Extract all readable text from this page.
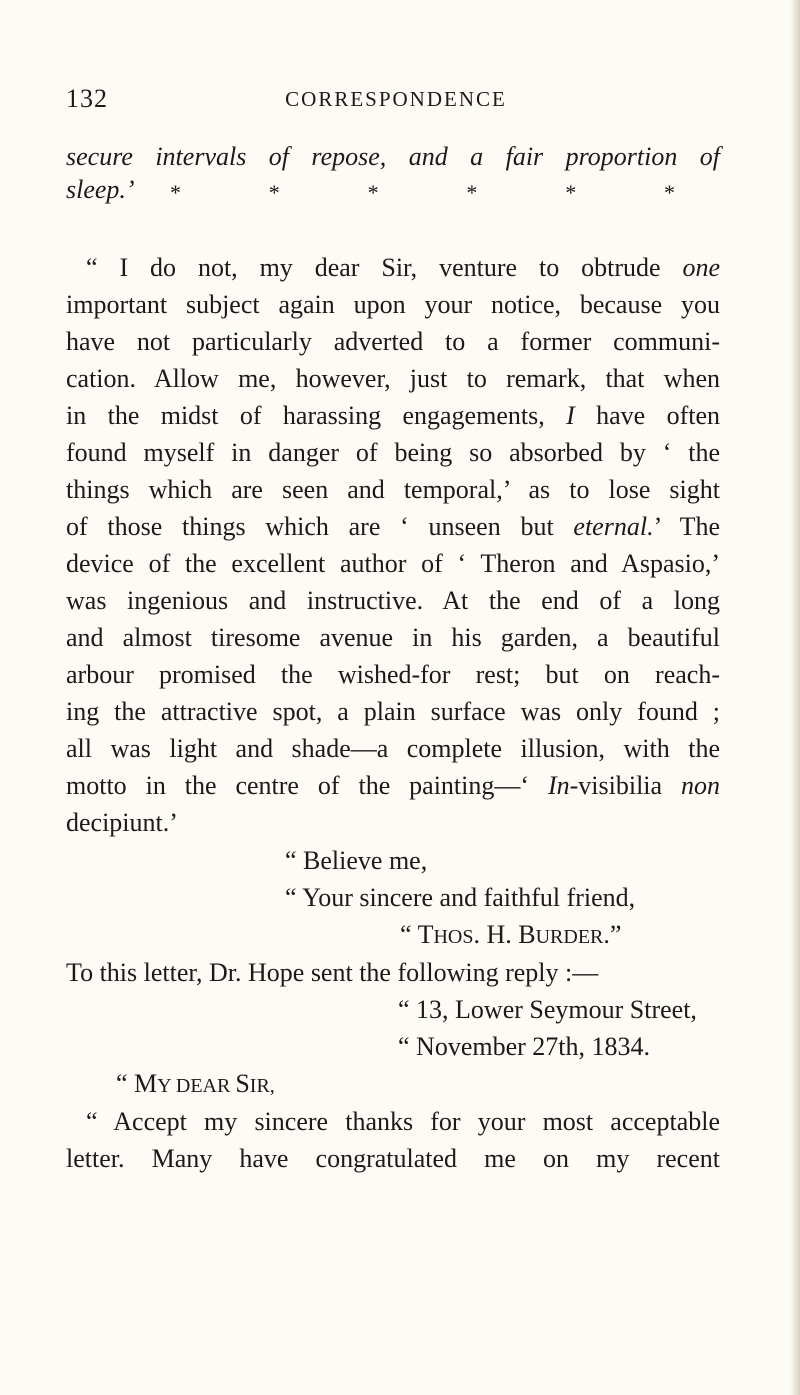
132	CORRESPONDENCE
secure intervals of repose, and a fair proportion of
sleep.’ *	*	*	*	*	*
“ I do not, my dear Sir, venture to obtrude one
important subject again upon your notice, because you
have not particularly adverted to a former communi-
cation. Allow me, however, just to remark, that when
in the midst of harassing engagements, I have often
found myself in danger of being so absorbed by ‘ the
things which are seen and temporal,’ as to lose sight
of those things which are ‘ unseen but eternal.’ The
device of the excellent author of ‘ Theron and Aspasio,’
was ingenious and instructive. At the end of a long
and almost tiresome avenue in his garden, a beautiful
arbour promised the wished-for rest; but on reach-
ing the attractive spot, a plain surface was only found ;
all was light and shade—a complete illusion, with the
motto in the centre of the painting—‘ In-visibilia non
decipiunt.’
“ Believe me,
“ Your sincere and faithful friend,
“ THOS. H. BURDER.”
To this letter, Dr. Hope sent the following reply :—
“ 13, Lower Seymour Street,
“ November 27th, 1834.
“ MY DEAR SIR,
“ Accept my sincere thanks for your most acceptable
letter. Many have congratulated me on my recent
